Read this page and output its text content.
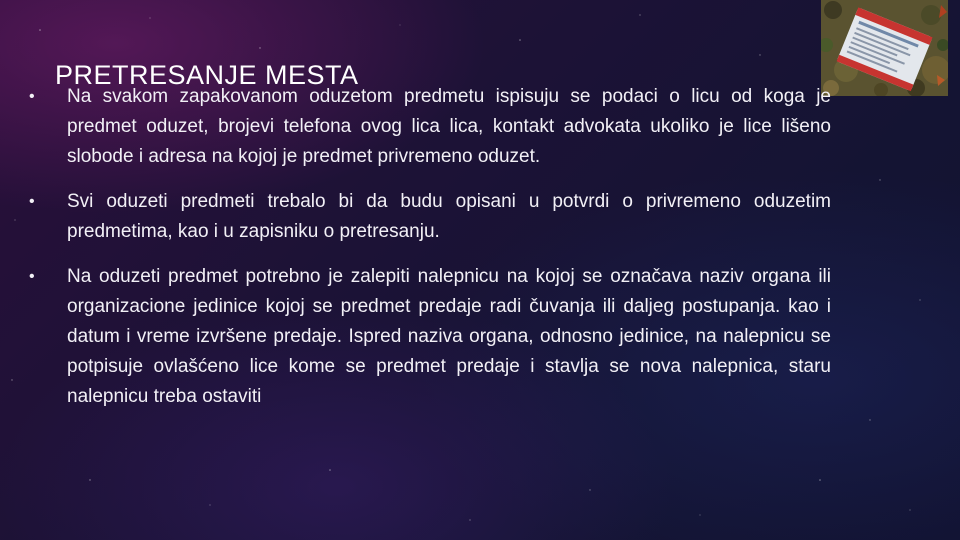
PRETRESANJE MESTA
•	Na svakom zapakovanom oduzetom predmetu ispisuju se podaci o licu od koga je predmet oduzet, brojevi telefona ovog lica lica, kontakt advokata ukoliko je lice lišeno slobode i adresa na kojoj je predmet privremeno oduzet.
•	Svi oduzeti predmeti trebalo bi da budu opisani u potvrdi o privremeno oduzetim predmetima, kao i u zapisniku o pretresanju.
•	Na oduzeti predmet potrebno je zalepiti nalepnicu na kojoj se označava naziv organa ili organizacione jedinice kojoj se predmet predaje radi čuvanja ili daljeg postupanja. kao i datum i vreme izvršene predaje. Ispred naziva organa, odnosno jedinice, na nalepnicu se potpisuje ovlašćeno lice kome se predmet predaje i stavlja se nova nalepnica, staru nalepnicu treba ostaviti
